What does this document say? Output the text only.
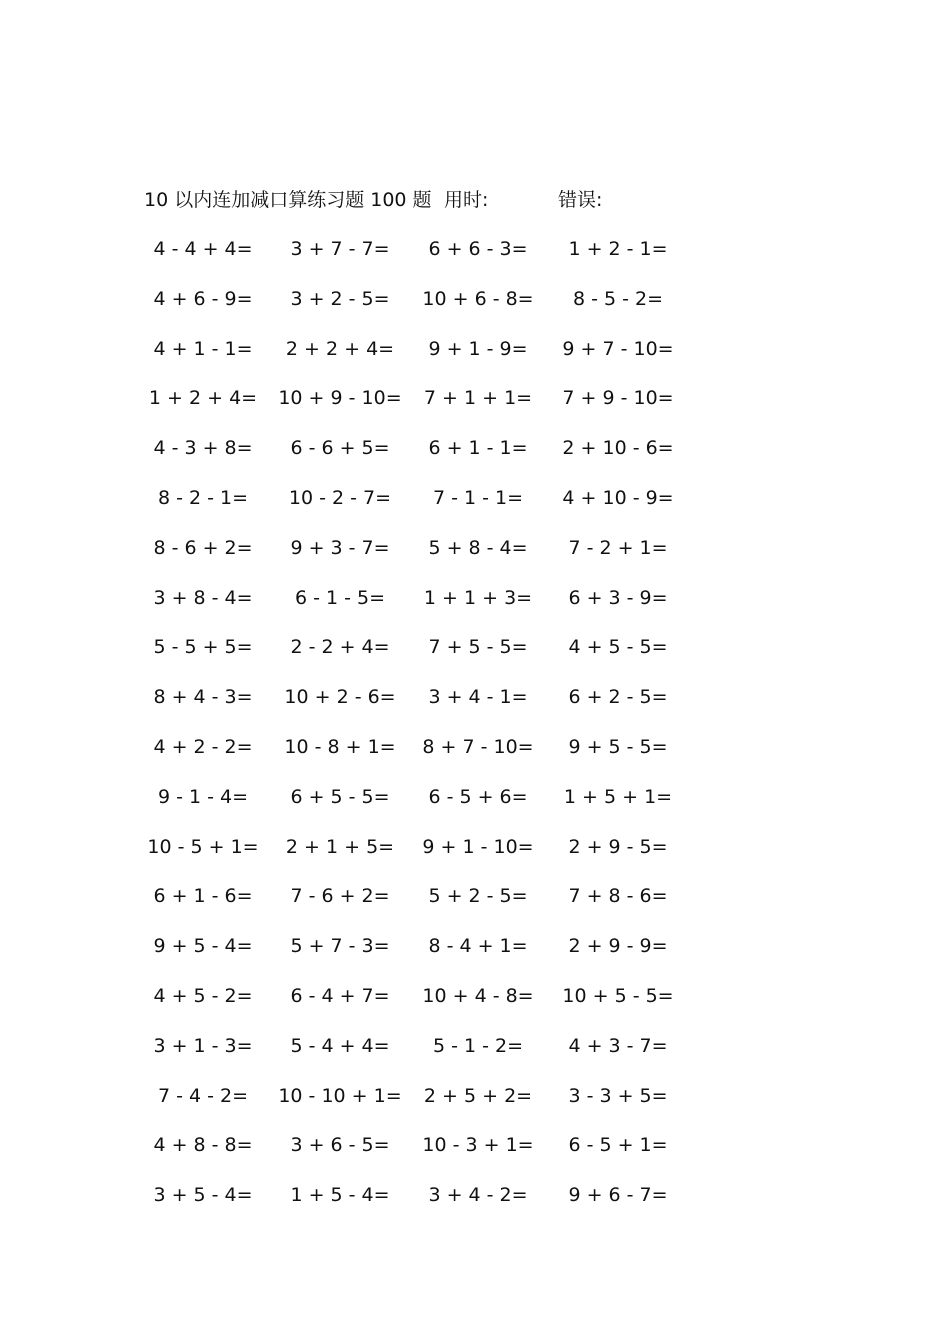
10 以内连加减口算练习题 100 题 用时:	错误:
4 - 4 + 4=	3 + 7 - 7=	6 + 6 - 3=	1 + 2 - 1=
4 + 6 - 9=	3 + 2 - 5=	10 + 6 - 8=	8 - 5 - 2=
4 + 1 - 1=	2 + 2 + 4=	9 + 1 - 9=	9 + 7 - 10=
1 + 2 + 4=	10 + 9 - 10=	7 + 1 + 1=	7 + 9 - 10=
4 - 3 + 8=	6 - 6 + 5=	6 + 1 - 1=	2 + 10 - 6=
8 - 2 - 1=	10 - 2 - 7=	7 - 1 - 1=	4 + 10 - 9=
8 - 6 + 2=	9 + 3 - 7=	5 + 8 - 4=	7 - 2 + 1=
3 + 8 - 4=	6 - 1 - 5=	1 + 1 + 3=	6 + 3 - 9=
5 - 5 + 5=	2 - 2 + 4=	7 + 5 - 5=	4 + 5 - 5=
8 + 4 - 3=	10 + 2 - 6=	3 + 4 - 1=	6 + 2 - 5=
4 + 2 - 2=	10 - 8 + 1=	8 + 7 - 10=	9 + 5 - 5=
9 - 1 - 4=	6 + 5 - 5=	6 - 5 + 6=	1 + 5 + 1=
10 - 5 + 1=	2 + 1 + 5=	9 + 1 - 10=	2 + 9 - 5=
6 + 1 - 6=	7 - 6 + 2=	5 + 2 - 5=	7 + 8 - 6=
9 + 5 - 4=	5 + 7 - 3=	8 - 4 + 1=	2 + 9 - 9=
4 + 5 - 2=	6 - 4 + 7=	10 + 4 - 8=	10 + 5 - 5=
3 + 1 - 3=	5 - 4 + 4=	5 - 1 - 2=	4 + 3 - 7=
7 - 4 - 2=	10 - 10 + 1=	2 + 5 + 2=	3 - 3 + 5=
4 + 8 - 8=	3 + 6 - 5=	10 - 3 + 1=	6 - 5 + 1=
3 + 5 - 4=	1 + 5 - 4=	3 + 4 - 2=	9 + 6 - 7=
